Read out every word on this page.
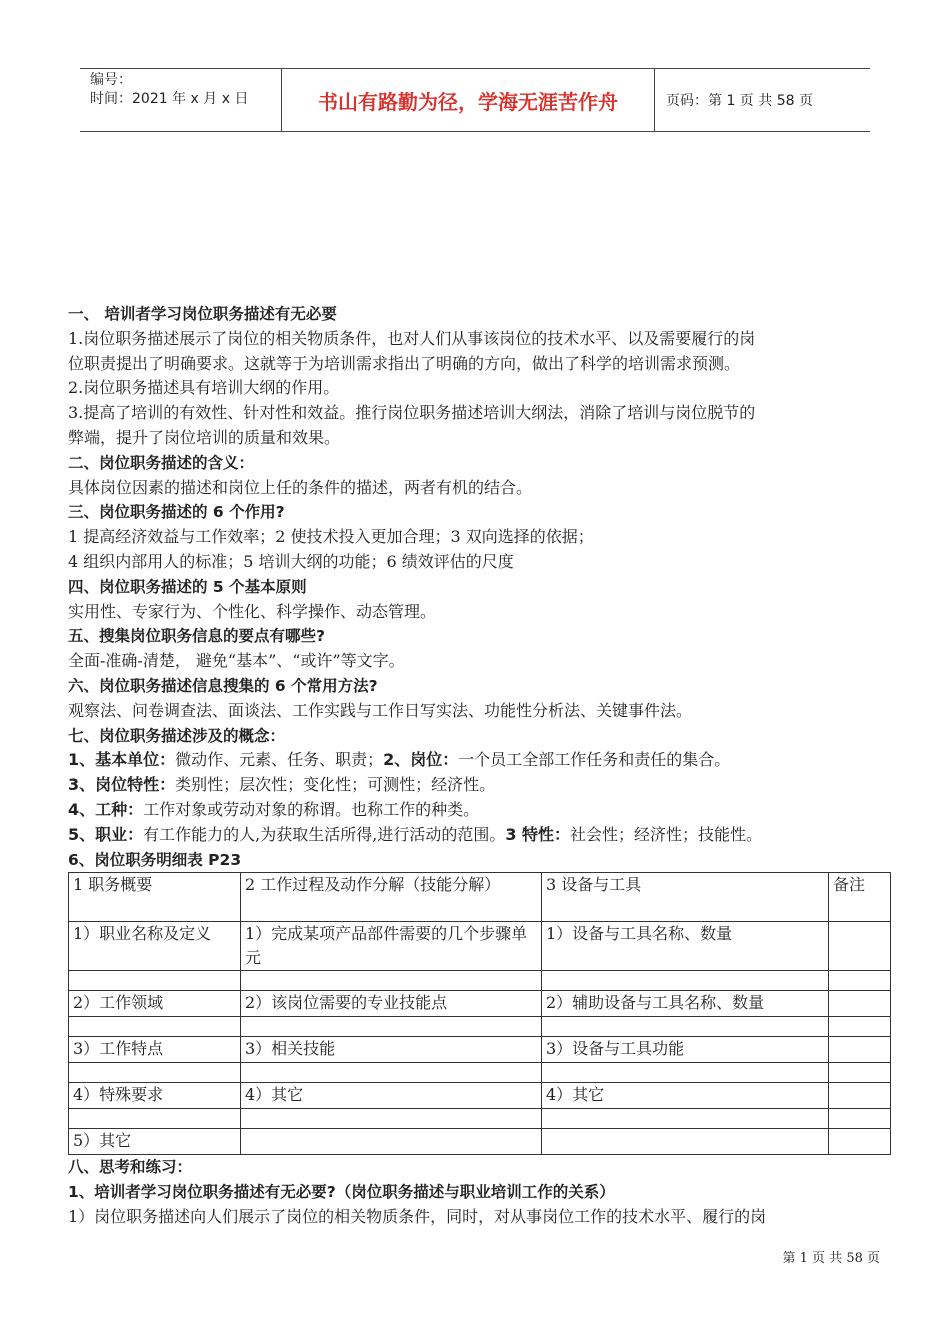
编号：
时间：2021 年 x 月 x 日	书山有路勤为径，学海无涯苦作舟	页码：第 1 页 共 58 页
一、 培训者学习岗位职务描述有无必要
1.岗位职务描述展示了岗位的相关物质条件，也对人们从事该岗位的技术水平、以及需要履行的岗
位职责提出了明确要求。这就等于为培训需求指出了明确的方向，做出了科学的培训需求预测。
2.岗位职务描述具有培训大纲的作用。
3.提高了培训的有效性、针对性和效益。推行岗位职务描述培训大纲法，消除了培训与岗位脱节的
弊端，提升了岗位培训的质量和效果。
二、岗位职务描述的含义：
具体岗位因素的描述和岗位上任的条件的描述，两者有机的结合。
三、岗位职务描述的 6 个作用?
1 提高经济效益与工作效率；2 使技术投入更加合理；3 双向选择的依据；
4 组织内部用人的标准；5 培训大纲的功能；6 绩效评估的尺度
四、岗位职务描述的 5 个基本原则
实用性、专家行为、个性化、科学操作、动态管理。
五、搜集岗位职务信息的要点有哪些?
全面-准确-清楚， 避免“基本”、“或许”等文字。
六、岗位职务描述信息搜集的 6 个常用方法?
观察法、问卷调查法、面谈法、工作实践与工作日写实法、功能性分析法、关键事件法。
七、岗位职务描述涉及的概念：
1、基本单位：微动作、元素、任务、职责；2、岗位：一个员工全部工作任务和责任的集合。
3、岗位特性：类别性；层次性；变化性；可测性；经济性。
4、工种：工作对象或劳动对象的称谓。也称工作的种类。
5、职业：有工作能力的人,为获取生活所得,进行活动的范围。3 特性：社会性；经济性；技能性。
6、岗位职务明细表 P23
1 职务概要	2 工作过程及动作分解（技能分解）	3 设备与工具	备注
1）职业名称及定义	1）完成某项产品部件需要的几个步骤单元	1）设备与工具名称、数量	

2）工作领域	2）该岗位需要的专业技能点	2）辅助设备与工具名称、数量	

3）工作特点	3）相关技能	3）设备与工具功能	

4）特殊要求	4）其它	4）其它	

5）其它			
八、思考和练习：
1、培训者学习岗位职务描述有无必要?（岗位职务描述与职业培训工作的关系）
1）岗位职务描述向人们展示了岗位的相关物质条件，同时，对从事岗位工作的技术水平、履行的岗
第 1 页 共 58 页
